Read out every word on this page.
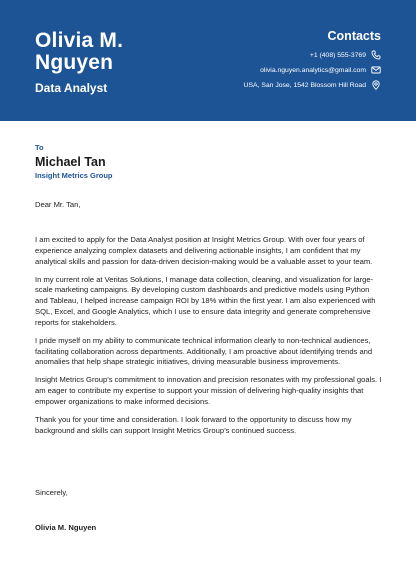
Olivia M.
Nguyen
Data Analyst
Contacts
+1 (408) 555-3769
olivia.nguyen.analytics@gmail.com
USA, San Jose, 1542 Blossom Hill Road
To
Michael Tan
Insight Metrics Group
Dear Mr. Tan,

I am excited to apply for the Data Analyst position at Insight Metrics Group. With over four years of experience analyzing complex datasets and delivering actionable insights, I am confident that my analytical skills and passion for data-driven decision-making would be a valuable asset to your team.

In my current role at Veritas Solutions, I manage data collection, cleaning, and visualization for large-scale marketing campaigns. By developing custom dashboards and predictive models using Python and Tableau, I helped increase campaign ROI by 18% within the first year. I am also experienced with SQL, Excel, and Google Analytics, which I use to ensure data integrity and generate comprehensive reports for stakeholders.

I pride myself on my ability to communicate technical information clearly to non-technical audiences, facilitating collaboration across departments. Additionally, I am proactive about identifying trends and anomalies that help shape strategic initiatives, driving measurable business improvements.

Insight Metrics Group’s commitment to innovation and precision resonates with my professional goals. I am eager to contribute my expertise to support your mission of delivering high-quality insights that empower organizations to make informed decisions.

Thank you for your time and consideration. I look forward to the opportunity to discuss how my background and skills can support Insight Metrics Group’s continued success.

Sincerely,
Olivia M. Nguyen
